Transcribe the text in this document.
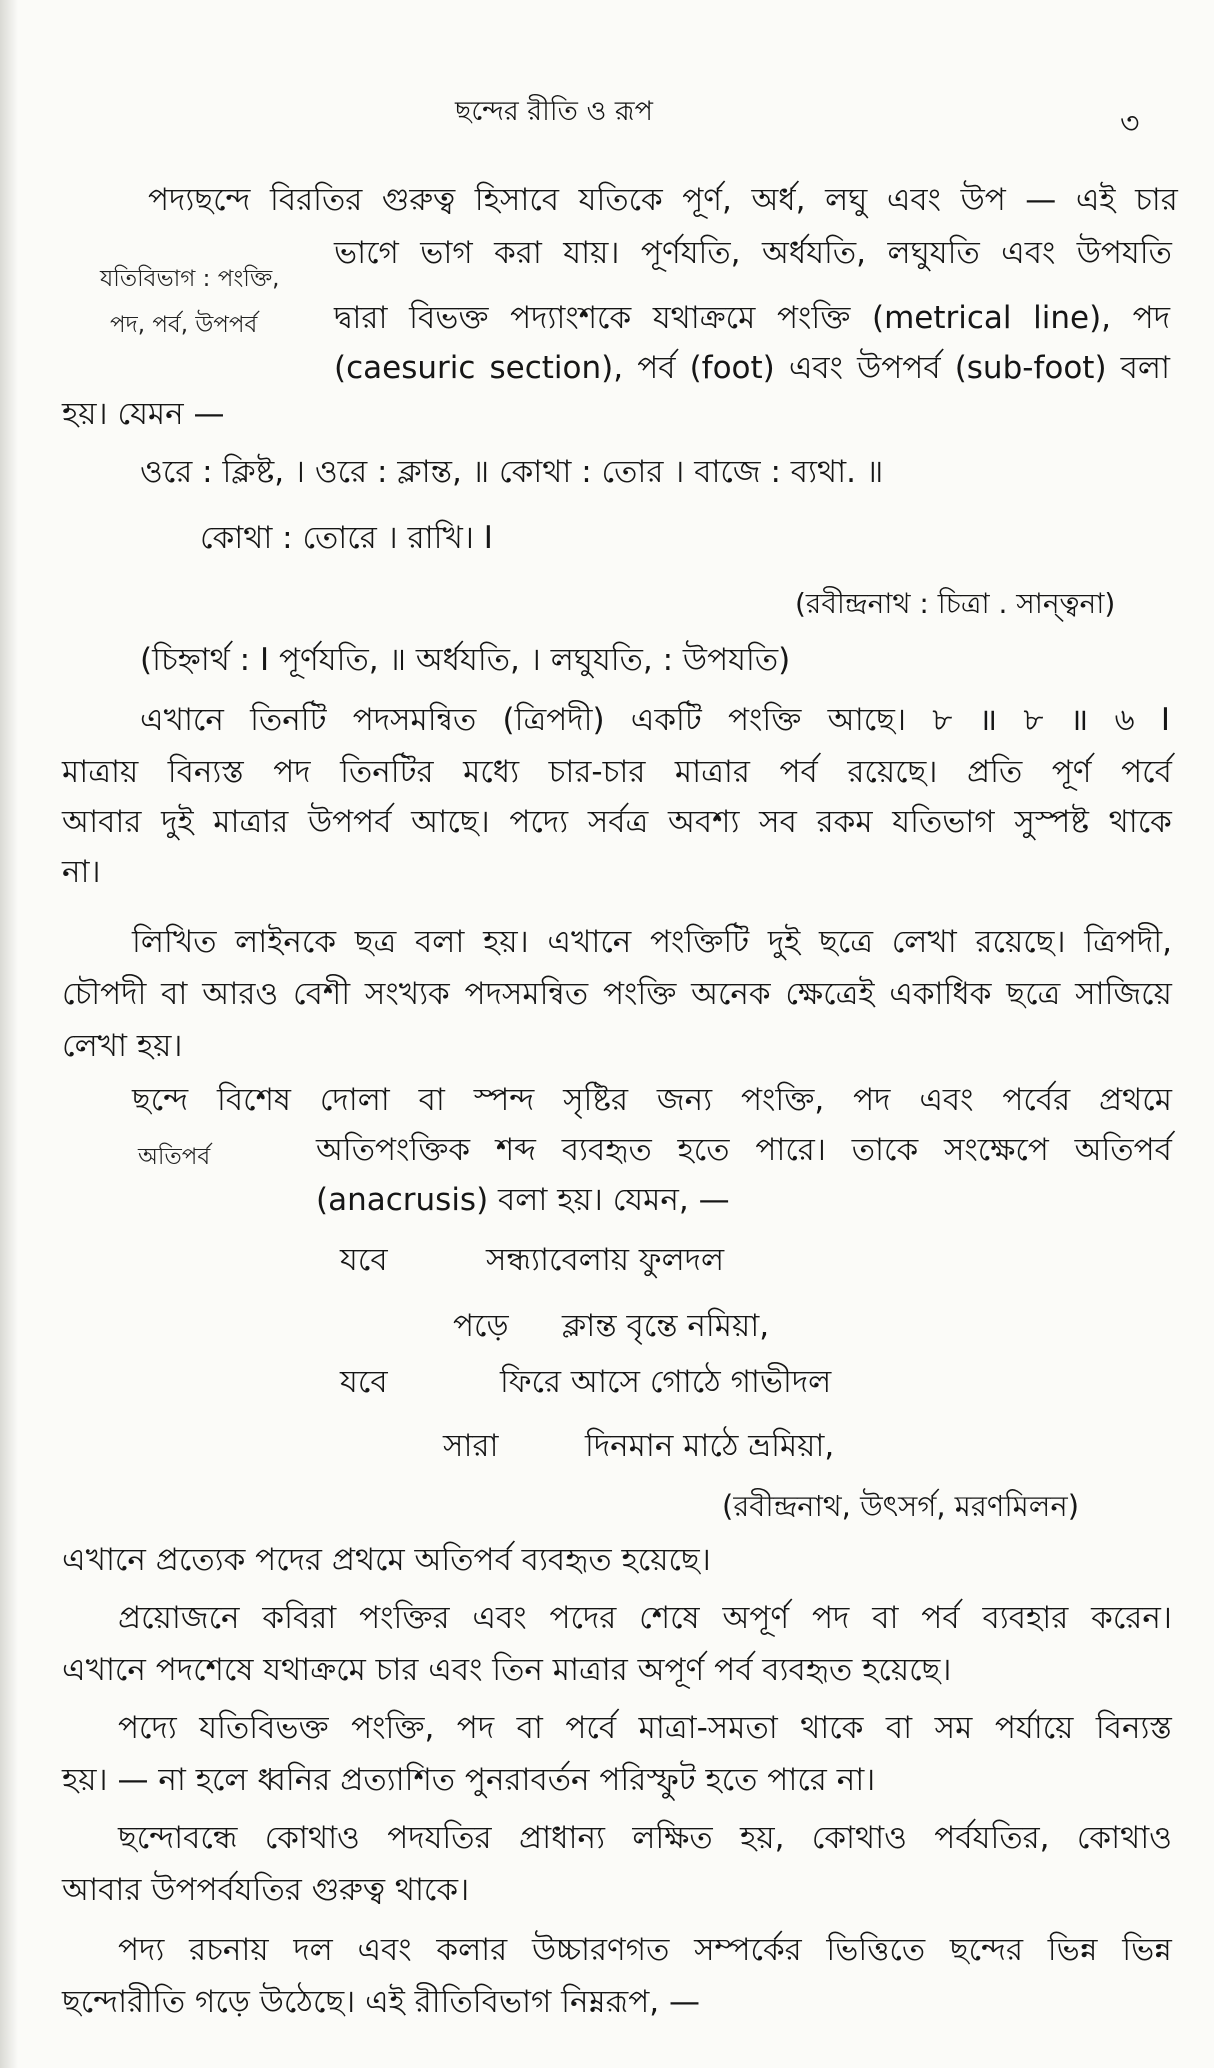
ছন্দের রীতি ও রূপ	৩
পদ্যছন্দে বিরতির গুরুত্ব হিসাবে যতিকে পূর্ণ, অর্ধ, লঘু এবং উপ — এই চার
যতিবিভাগ : পংক্তি,
পদ, পর্ব, উপপর্ব
ভাগে ভাগ করা যায়। পূর্ণযতি, অর্ধযতি, লঘুযতি এবং উপযতি
দ্বারা বিভক্ত পদ্যাংশকে যথাক্রমে পংক্তি (metrical line), পদ
(caesuric section), পর্ব (foot) এবং উপপর্ব (sub-foot) বলা
হয়। যেমন —
ওরে : ক্লিষ্ট, । ওরে : ক্লান্ত, ॥ কোথা : তোর । বাজে : ব্যথা. ॥
কোথা : তোরে । রাখি। I
(রবীন্দ্রনাথ : চিত্রা . সান্ত্বনা)
(চিহ্নার্থ : I পূর্ণযতি, ॥ অর্ধযতি, । লঘুযতি, : উপযতি)
এখানে তিনটি পদসমন্বিত (ত্রিপদী) একটি পংক্তি আছে। ৮ ॥ ৮ ॥ ৬ I
মাত্রায় বিন্যস্ত পদ তিনটির মধ্যে চার-চার মাত্রার পর্ব রয়েছে। প্রতি পূর্ণ পর্বে
আবার দুই মাত্রার উপপর্ব আছে। পদ্যে সর্বত্র অবশ্য সব রকম যতিভাগ সুস্পষ্ট থাকে
না।
লিখিত লাইনকে ছত্র বলা হয়। এখানে পংক্তিটি দুই ছত্রে লেখা রয়েছে। ত্রিপদী,
চৌপদী বা আরও বেশী সংখ্যক পদসমন্বিত পংক্তি অনেক ক্ষেত্রেই একাধিক ছত্রে সাজিয়ে
লেখা হয়।
ছন্দে বিশেষ দোলা বা স্পন্দ সৃষ্টির জন্য পংক্তি, পদ এবং পর্বের প্রথমে
অতিপর্ব	অতিপংক্তিক শব্দ ব্যবহৃত হতে পারে। তাকে সংক্ষেপে অতিপর্ব
(anacrusis) বলা হয়। যেমন, —
যবে	সন্ধ্যাবেলায় ফুলদল
পড়ে ক্লান্ত বৃন্তে নমিয়া,
যবে	ফিরে আসে গোঠে গাভীদল
সারা	দিনমান মাঠে ভ্রমিয়া,
(রবীন্দ্রনাথ, উৎসর্গ, মরণমিলন)
এখানে প্রত্যেক পদের প্রথমে অতিপর্ব ব্যবহৃত হয়েছে।
প্রয়োজনে কবিরা পংক্তির এবং পদের শেষে অপূর্ণ পদ বা পর্ব ব্যবহার করেন।
এখানে পদশেষে যথাক্রমে চার এবং তিন মাত্রার অপূর্ণ পর্ব ব্যবহৃত হয়েছে।
পদ্যে যতিবিভক্ত পংক্তি, পদ বা পর্বে মাত্রা-সমতা থাকে বা সম পর্যায়ে বিন্যস্ত
হয়। — না হলে ধ্বনির প্রত্যাশিত পুনরাবর্তন পরিস্ফুট হতে পারে না।
ছন্দোবন্ধে কোথাও পদযতির প্রাধান্য লক্ষিত হয়, কোথাও পর্বযতির, কোথাও
আবার উপপর্বযতির গুরুত্ব থাকে।
পদ্য রচনায় দল এবং কলার উচ্চারণগত সম্পর্কের ভিত্তিতে ছন্দের ভিন্ন ভিন্ন
ছন্দোরীতি গড়ে উঠেছে। এই রীতিবিভাগ নিম্নরূপ, —
